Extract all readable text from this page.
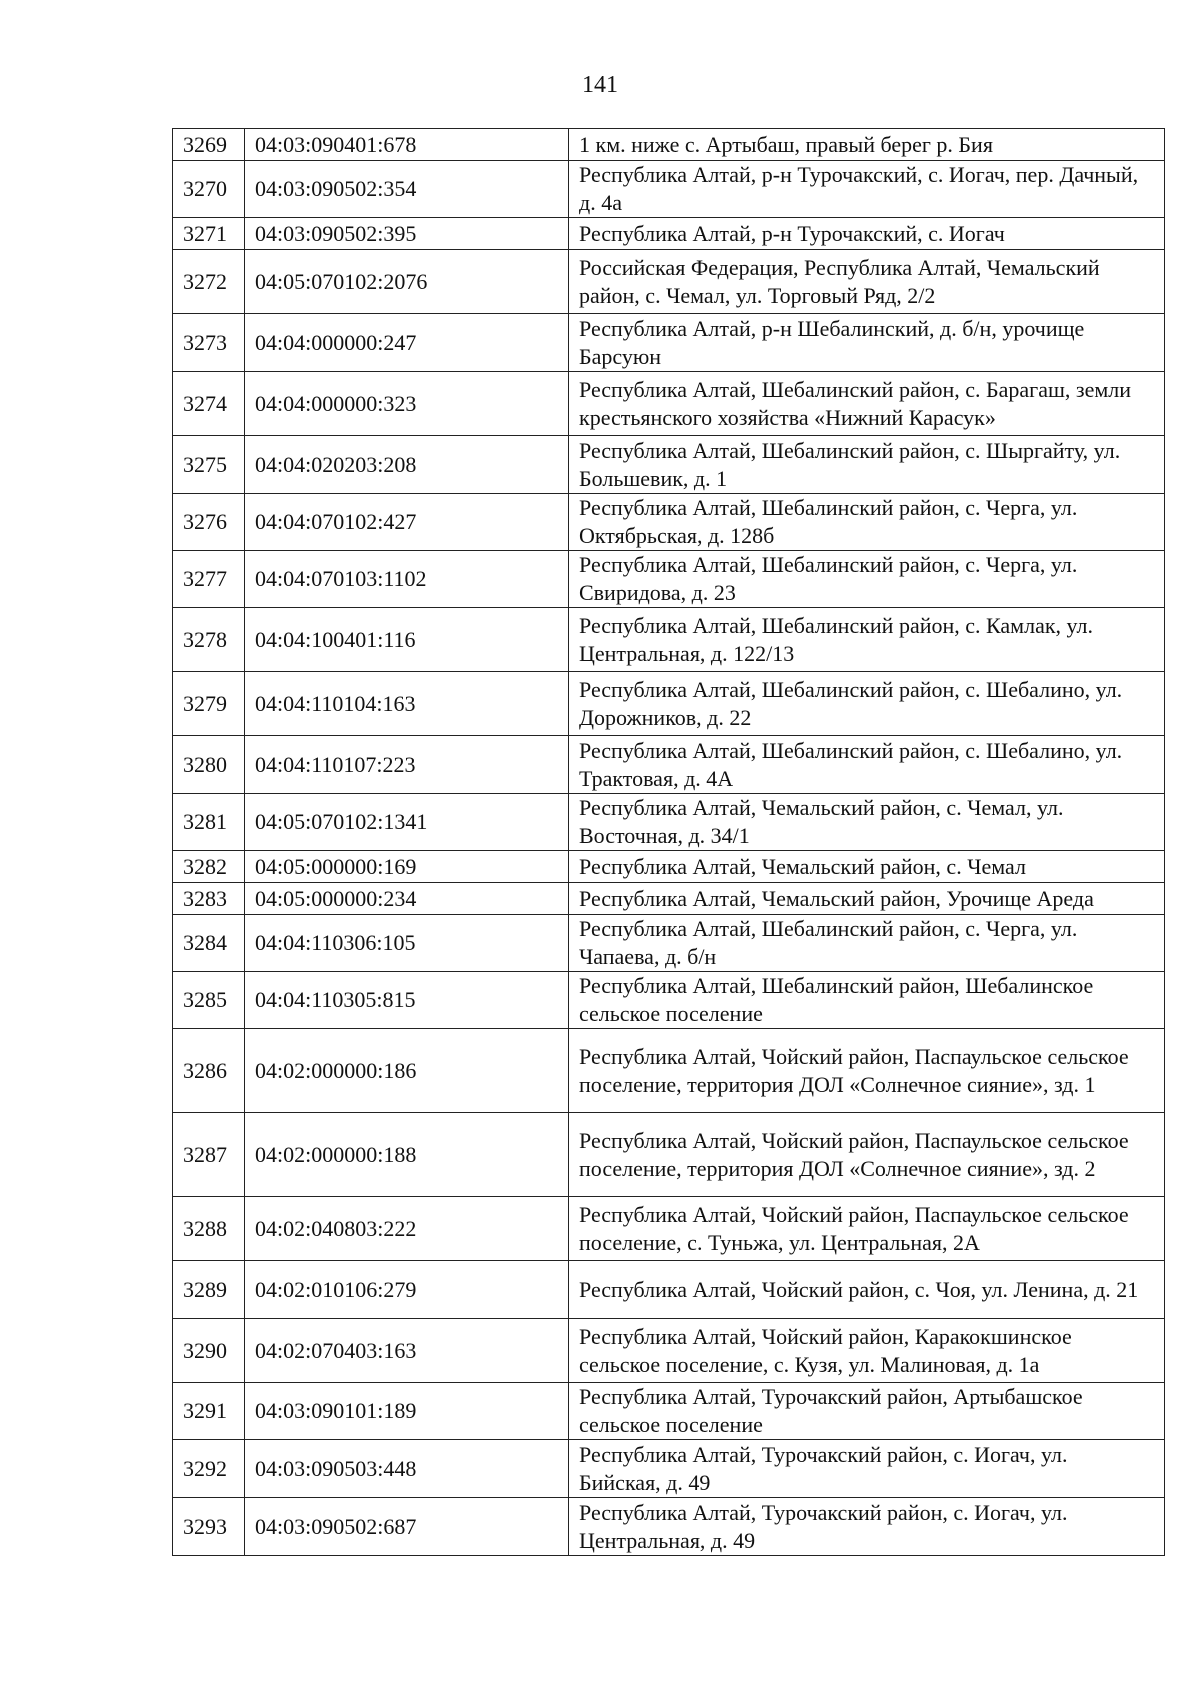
141
3269	04:03:090401:678	1 км. ниже с. Артыбаш, правый берег р. Бия
3270	04:03:090502:354	Республика Алтай, р-н Турочакский, с. Иогач, пер. Дачный, д. 4а
3271	04:03:090502:395	Республика Алтай, р-н Турочакский, с. Иогач
3272	04:05:070102:2076	Российская Федерация, Республика Алтай, Чемальский район, с. Чемал, ул. Торговый Ряд, 2/2
3273	04:04:000000:247	Республика Алтай, р-н Шебалинский, д. б/н, урочище Барсуюн
3274	04:04:000000:323	Республика Алтай, Шебалинский район, с. Барагаш, земли крестьянского хозяйства «Нижний Карасук»
3275	04:04:020203:208	Республика Алтай, Шебалинский район, с. Шыргайту, ул. Большевик, д. 1
3276	04:04:070102:427	Республика Алтай, Шебалинский район, с. Черга, ул. Октябрьская, д. 128б
3277	04:04:070103:1102	Республика Алтай, Шебалинский район, с. Черга, ул. Свиридова, д. 23
3278	04:04:100401:116	Республика Алтай, Шебалинский район, с. Камлак, ул. Центральная, д. 122/13
3279	04:04:110104:163	Республика Алтай, Шебалинский район, с. Шебалино, ул. Дорожников, д. 22
3280	04:04:110107:223	Республика Алтай, Шебалинский район, с. Шебалино, ул. Трактовая, д. 4А
3281	04:05:070102:1341	Республика Алтай, Чемальский район, с. Чемал, ул. Восточная, д. 34/1
3282	04:05:000000:169	Республика Алтай, Чемальский район, с. Чемал
3283	04:05:000000:234	Республика Алтай, Чемальский район, Урочище Ареда
3284	04:04:110306:105	Республика Алтай, Шебалинский район, с. Черга, ул. Чапаева, д. б/н
3285	04:04:110305:815	Республика Алтай, Шебалинский район, Шебалинское сельское поселение
3286	04:02:000000:186	Республика Алтай, Чойский район, Паспаульское сельское поселение, территория ДОЛ «Солнечное сияние», зд. 1
3287	04:02:000000:188	Республика Алтай, Чойский район, Паспаульское сельское поселение, территория ДОЛ «Солнечное сияние», зд. 2
3288	04:02:040803:222	Республика Алтай, Чойский район, Паспаульское сельское поселение, с. Туньжа, ул. Центральная, 2А
3289	04:02:010106:279	Республика Алтай, Чойский район, с. Чоя, ул. Ленина, д. 21
3290	04:02:070403:163	Республика Алтай, Чойский район, Каракокшинское сельское поселение, с. Кузя, ул. Малиновая, д. 1а
3291	04:03:090101:189	Республика Алтай, Турочакский район, Артыбашское сельское поселение
3292	04:03:090503:448	Республика Алтай, Турочакский район, с. Иогач, ул. Бийская, д. 49
3293	04:03:090502:687	Республика Алтай, Турочакский район, с. Иогач, ул. Центральная, д. 49
